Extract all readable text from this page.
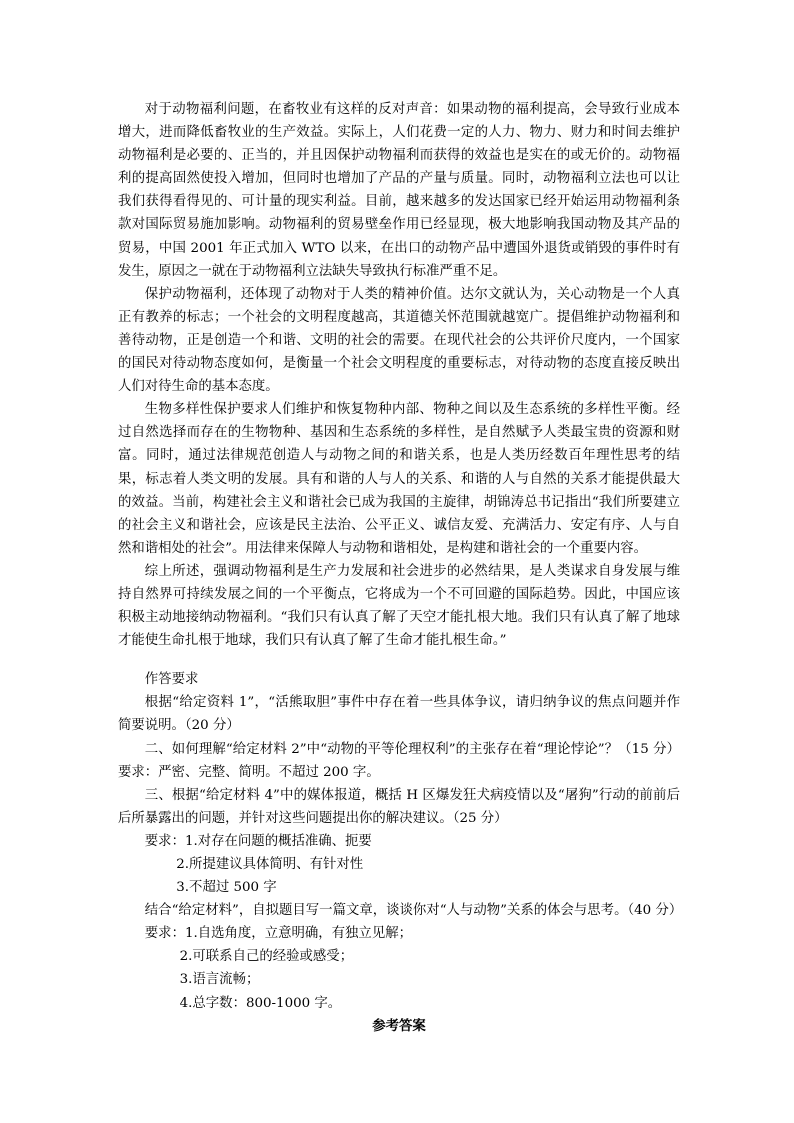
对于动物福利问题，在畜牧业有这样的反对声音：如果动物的福利提高，会导致行业成本增大，进而降低畜牧业的生产效益。实际上，人们花费一定的人力、物力、财力和时间去维护动物福利是必要的、正当的，并且因保护动物福利而获得的效益也是实在的或无价的。动物福利的提高固然使投入增加，但同时也增加了产品的产量与质量。同时，动物福利立法也可以让我们获得看得见的、可计量的现实利益。目前，越来越多的发达国家已经开始运用动物福利条款对国际贸易施加影响。动物福利的贸易壁垒作用已经显现，极大地影响我国动物及其产品的贸易，中国 2001 年正式加入 WTO 以来，在出口的动物产品中遭国外退货或销毁的事件时有发生，原因之一就在于动物福利立法缺失导致执行标准严重不足。

保护动物福利，还体现了动物对于人类的精神价值。达尔文就认为，关心动物是一个人真正有教养的标志；一个社会的文明程度越高，其道德关怀范围就越宽广。提倡维护动物福利和善待动物，正是创造一个和谐、文明的社会的需要。在现代社会的公共评价尺度内，一个国家的国民对待动物态度如何，是衡量一个社会文明程度的重要标志，对待动物的态度直接反映出人们对待生命的基本态度。

生物多样性保护要求人们维护和恢复物种内部、物种之间以及生态系统的多样性平衡。经过自然选择而存在的生物物种、基因和生态系统的多样性，是自然赋予人类最宝贵的资源和财富。同时，通过法律规范创造人与动物之间的和谐关系，也是人类历经数百年理性思考的结果，标志着人类文明的发展。具有和谐的人与人的关系、和谐的人与自然的关系才能提供最大的效益。当前，构建社会主义和谐社会已成为我国的主旋律，胡锦涛总书记指出“我们所要建立的社会主义和谐社会，应该是民主法治、公平正义、诚信友爱、充满活力、安定有序、人与自然和谐相处的社会”。用法律来保障人与动物和谐相处，是构建和谐社会的一个重要内容。

综上所述，强调动物福利是生产力发展和社会进步的必然结果，是人类谋求自身发展与维持自然界可持续发展之间的一个平衡点，它将成为一个不可回避的国际趋势。因此，中国应该积极主动地接纳动物福利。“我们只有认真了解了天空才能扎根大地。我们只有认真了解了地球才能使生命扎根于地球，我们只有认真了解了生命才能扎根生命。”

作答要求

根据“给定资料 1”，“活熊取胆”事件中存在着一些具体争议，请归纳争议的焦点问题并作简要说明。（20 分）

二、如何理解“给定材料 2”中“动物的平等伦理权利”的主张存在着“理论悖论”？（15 分）要求：严密、完整、简明。不超过 200 字。

三、根据“给定材料 4”中的媒体报道，概括 H 区爆发狂犬病疫情以及“屠狗”行动的前前后后所暴露出的问题，并针对这些问题提出你的解决建议。（25 分）

要求：1.对存在问题的概括准确、扼要

2.所提建议具体简明、有针对性

3.不超过 500 字

结合“给定材料”，自拟题目写一篇文章，谈谈你对“人与动物”关系的体会与思考。（40 分）

要求：1.自选角度，立意明确，有独立见解；

2.可联系自己的经验或感受；

3.语言流畅；

4.总字数：800-1000 字。

参考答案
